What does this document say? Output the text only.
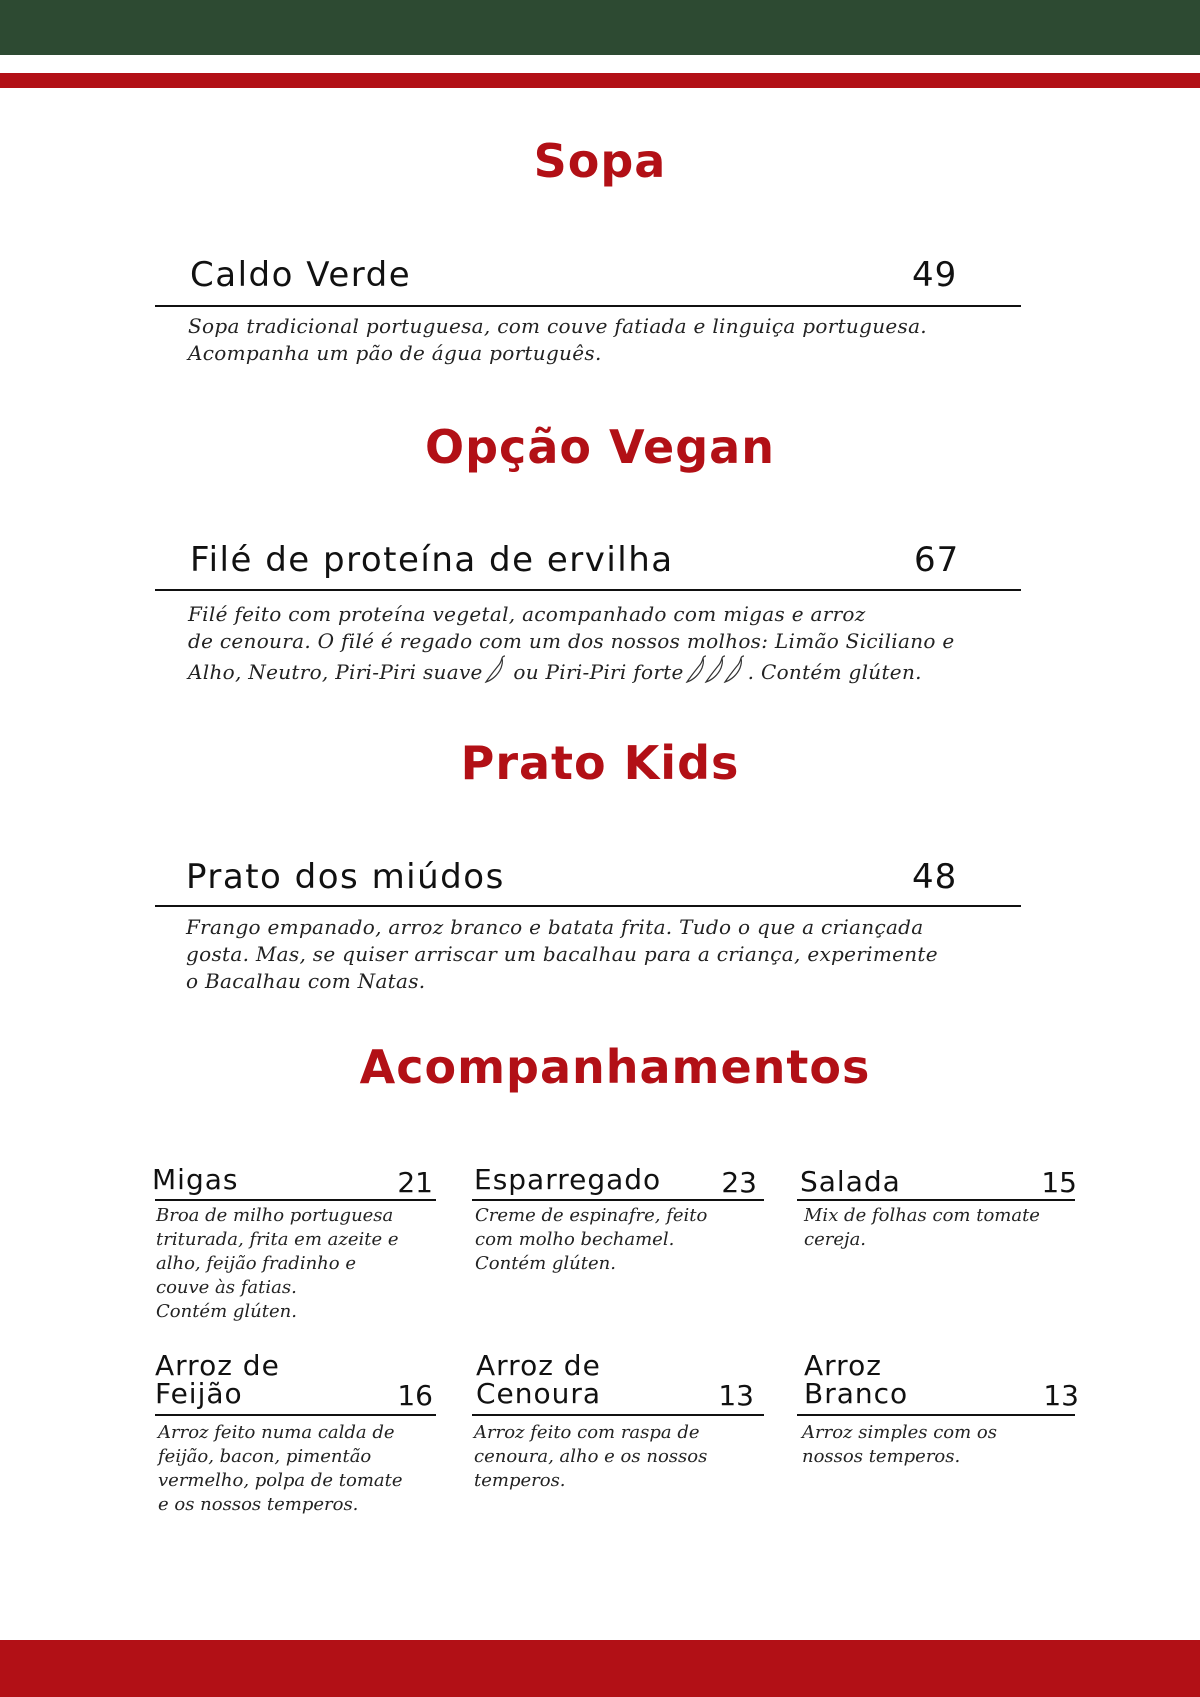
Sopa
Caldo Verde	49
Sopa tradicional portuguesa, com couve fatiada e linguiça portuguesa.
Acompanha um pão de água português.
Opção Vegan
Filé de proteína de ervilha	67
Filé feito com proteína vegetal, acompanhado com migas e arroz
de cenoura. O filé é regado com um dos nossos molhos: Limão Siciliano e
Alho, Neutro, Piri-Piri suave ou Piri-Piri forte	. Contém glúten.
Prato Kids
Prato dos miúdos	48
Frango empanado, arroz branco e batata frita. Tudo o que a criançada
gosta. Mas, se quiser arriscar um bacalhau para a criança, experimente
o Bacalhau com Natas.
Acompanhamentos
Migas	21
Broa de milho portuguesa
triturada, frita em azeite e
alho, feijão fradinho e
couve às fatias.
Contém glúten.
Esparregado	23
Creme de espinafre, feito
com molho bechamel.
Contém glúten.
Salada	15
Mix de folhas com tomate
cereja.
Arroz de
Feijão	16
Arroz feito numa calda de
feijão, bacon, pimentão
vermelho, polpa de tomate
e os nossos temperos.
Arroz de
Cenoura	13
Arroz feito com raspa de
cenoura, alho e os nossos
temperos.
Arroz
Branco	13
Arroz simples com os
nossos temperos.
